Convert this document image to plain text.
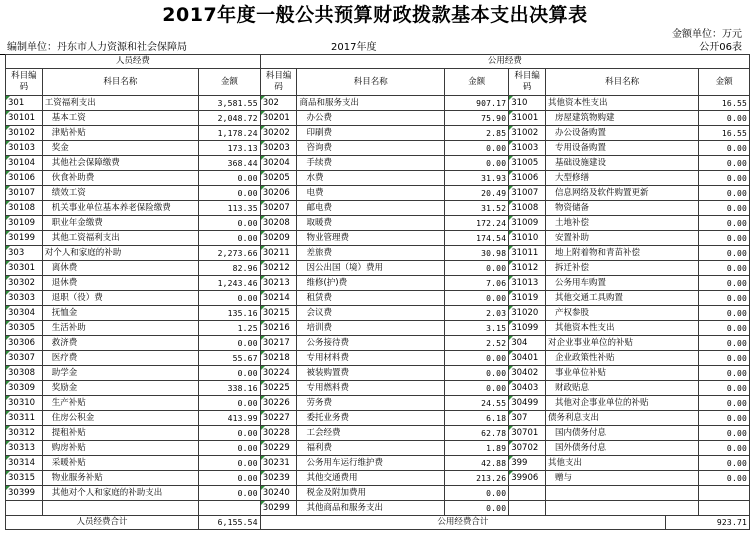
2017年度一般公共预算财政拨款基本支出决算表
金额单位：万元
编制单位：丹东市人力资源和社会保障局	2017年度	公开06表
人员经费			公用经费						
科目编码	科目名称	金额	科目编码	科目名称	金额	科目编码	科目名称		金额
301	工资福利支出	3,581.55	302	商品和服务支出	907.17	310	其他资本性支出		16.55
30101	基本工资	2,048.72	30201	办公费	75.90	31001	房屋建筑物购建		0.00
30102	津贴补贴	1,178.24	30202	印刷费	2.85	31002	办公设备购置		16.55
30103	奖金	173.13	30203	咨询费	0.00	31003	专用设备购置		0.00
30104	其他社会保障缴费	368.44	30204	手续费	0.00	31005	基础设施建设		0.00
30106	伙食补助费	0.00	30205	水费	31.93	31006	大型修缮		0.00
30107	绩效工资	0.00	30206	电费	20.49	31007	信息网络及软件购置更新		0.00
30108	机关事业单位基本养老保险缴费	113.35	30207	邮电费	31.52	31008	物资储备		0.00
30109	职业年金缴费	0.00	30208	取暖费	172.24	31009	土地补偿		0.00
30199	其他工资福利支出	0.00	30209	物业管理费	174.54	31010	安置补助		0.00
303	对个人和家庭的补助	2,273.66	30211	差旅费	30.98	31011	地上附着物和青苗补偿		0.00
30301	离休费	82.96	30212	因公出国（境）费用	0.00	31012	拆迁补偿		0.00
30302	退休费	1,243.46	30213	维修(护)费	7.06	31013	公务用车购置		0.00
30303	退职（役）费	0.00	30214	租赁费	0.00	31019	其他交通工具购置		0.00
30304	抚恤金	135.16	30215	会议费	2.03	31020	产权参股		0.00
30305	生活补助	1.25	30216	培训费	3.15	31099	其他资本性支出		0.00
30306	救济费	0.00	30217	公务接待费	2.52	304	对企业事业单位的补贴		0.00
30307	医疗费	55.67	30218	专用材料费	0.00	30401	企业政策性补贴		0.00
30308	助学金	0.00	30224	被装购置费	0.00	30402	事业单位补贴		0.00
30309	奖励金	338.16	30225	专用燃料费	0.00	30403	财政贴息		0.00
30310	生产补贴	0.00	30226	劳务费	24.55	30499	其他对企事业单位的补贴		0.00
30311	住房公积金	413.99	30227	委托业务费	6.18	307	债务利息支出		0.00
30312	提租补贴	0.00	30228	工会经费	62.78	30701	国内债务付息		0.00
30313	购房补贴	0.00	30229	福利费	1.89	30702	国外债务付息		0.00
30314	采暖补贴	0.00	30231	公务用车运行维护费	42.88	399	其他支出		0.00
30315	物业服务补贴	0.00	30239	其他交通费用	213.26	39906	赠与		0.00
30399	其他对个人和家庭的补助支出	0.00	30240	税金及附加费用	0.00				
			30299	其他商品和服务支出	0.00				
人员经费合计		6,155.54	公用经费合计					923.71	
